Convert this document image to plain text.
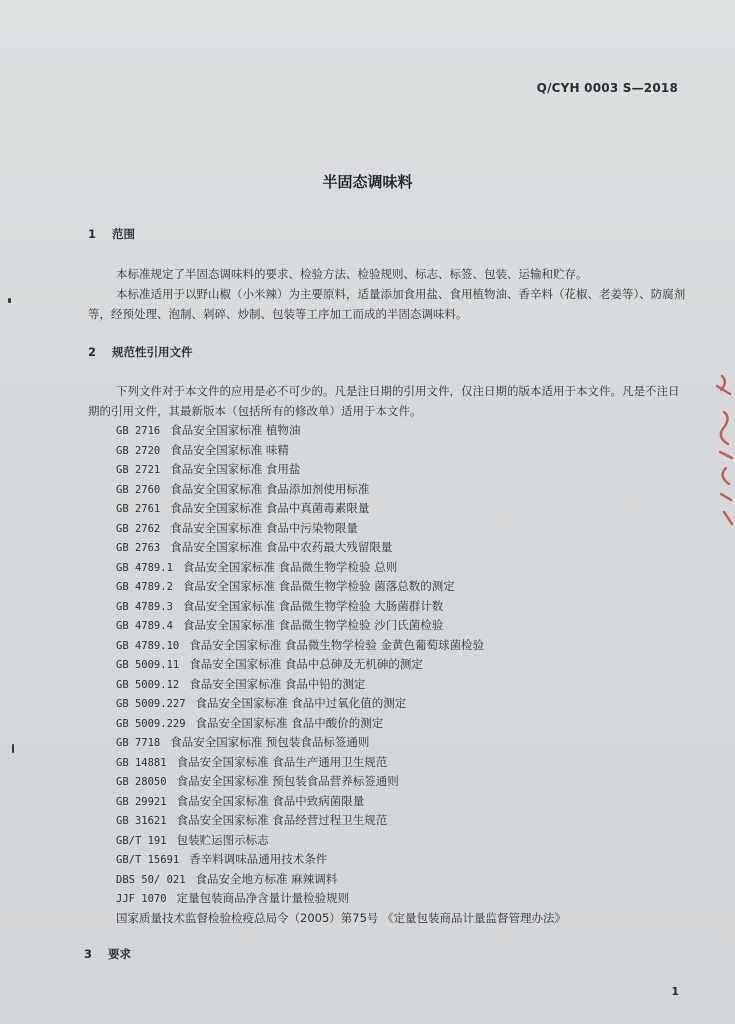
Q/CYH 0003 S—2018
半固态调味料
1 范围

本标准规定了半固态调味料的要求、检验方法、检验规则、标志、标签、包装、运输和贮存。

本标准适用于以野山椒（小米辣）为主要原料，适量添加食用盐、食用植物油、香辛料（花椒、老姜等）、防腐剂等，经预处理、泡制、剁碎、炒制、包装等工序加工而成的半固态调味料。

2 规范性引用文件

下列文件对于本文件的应用是必不可少的。凡是注日期的引用文件，仅注日期的版本适用于本文件。凡是不注日期的引用文件，其最新版本（包括所有的修改单）适用于本文件。

GB 2716 食品安全国家标准 植物油
GB 2720 食品安全国家标准 味精
GB 2721 食品安全国家标准 食用盐
GB 2760 食品安全国家标准 食品添加剂使用标准
GB 2761 食品安全国家标准 食品中真菌毒素限量
GB 2762 食品安全国家标准 食品中污染物限量
GB 2763 食品安全国家标准 食品中农药最大残留限量
GB 4789.1 食品安全国家标准 食品微生物学检验 总则
GB 4789.2 食品安全国家标准 食品微生物学检验 菌落总数的测定
GB 4789.3 食品安全国家标准 食品微生物学检验 大肠菌群计数
GB 4789.4 食品安全国家标准 食品微生物学检验 沙门氏菌检验
GB 4789.10 食品安全国家标准 食品微生物学检验 金黄色葡萄球菌检验
GB 5009.11 食品安全国家标准 食品中总砷及无机砷的测定
GB 5009.12 食品安全国家标准 食品中铅的测定
GB 5009.227 食品安全国家标准 食品中过氧化值的测定
GB 5009.229 食品安全国家标准 食品中酸价的测定
GB 7718 食品安全国家标准 预包装食品标签通则
GB 14881 食品安全国家标准 食品生产通用卫生规范
GB 28050 食品安全国家标准 预包装食品营养标签通则
GB 29921 食品安全国家标准 食品中致病菌限量
GB 31621 食品安全国家标准 食品经营过程卫生规范
GB/T 191 包装贮运图示标志
GB/T 15691 香辛料调味品通用技术条件
DBS 50/ 021 食品安全地方标准 麻辣调料
JJF 1070 定量包装商品净含量计量检验规则
国家质量技术监督检验检疫总局令（2005）第75号 《定量包装商品计量监督管理办法》
3 要求
1
